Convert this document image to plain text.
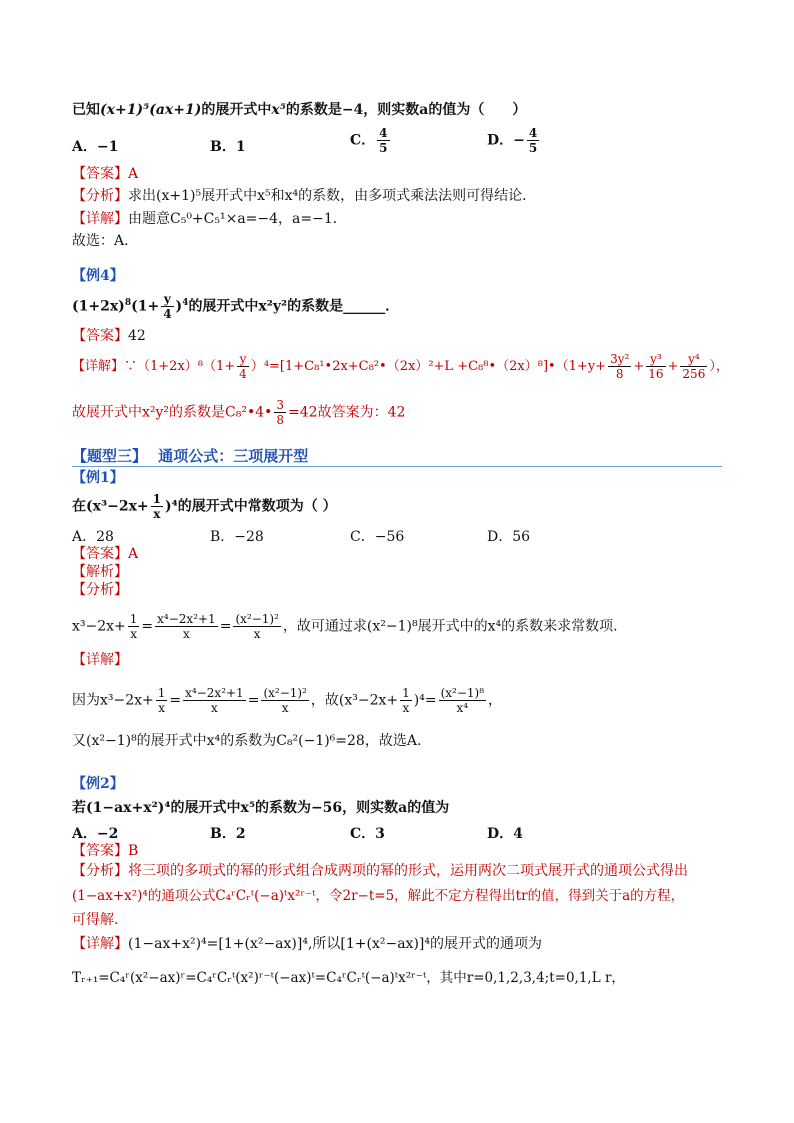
已知(x+1)⁵(ax+1)的展开式中x⁵的系数是−4，则实数a的值为（　　）
A．−1	B．1	C． $\frac{4}{5}$	D．− $\frac{4}{5}$
【答案】A
【分析】求出(x+1)⁵展开式中x⁵和x⁴的系数，由多项式乘法法则可得结论．
【详解】由题意C₅⁰+C₅¹×a=−4，a=−1．
故选：A．
【例4】
$(1+2x)^8(1+ \frac{y}{4} )^4$的展开式中x²y²的系数是______．
【答案】42
【详解】∵（1+2x）⁸（1+ $\frac{y}{4}$ ）⁴=[1+C₈¹•2x+C₈²•（2x）²+L +C₈⁸•（2x）⁸]•（1+y+ $\frac{\text{3y²}}{8} + \frac{\text{y³}}{16} + \frac{\text{y⁴}}{256}$ ），
故展开式中x²y²的系数是C₈²•4• $\frac{3}{8} =42$故答案为：42
【题型三】 通项公式：三项展开型
【例1】
在$(x^3-2x+ \frac{1}{x} )^4$的展开式中常数项为（ ）
A．28	B．−28	C．−56	D．56
【答案】A
【解析】
【分析】
$x^3-2x+ \frac{1}{x} = \frac{\text{x⁴−2x²+1}}{x} = \frac{\text{(x²−1)²}}{x}$ ，故可通过求(x²−1)⁸展开式中的x⁴的系数来求常数项.
【详解】
因为$x^3-2x+ \frac{1}{x} = \frac{\text{x⁴−2x²+1}}{x} = \frac{\text{(x²−1)²}}{x}$ ，故$(x^3-2x+ \frac{1}{x} )^4= \frac{\text{(x²−1)⁸}}{\text{x⁴}}$ ，
又(x²−1)⁸的展开式中x⁴的系数为C₈²(−1)⁶=28，故选A.
【例2】
若(1−ax+x²)⁴的展开式中x⁵的系数为−56，则实数a的值为
A．−2	B．2	C．3	D．4
【答案】B
【分析】将三项的多项式的幂的形式组合成两项的幂的形式，运用两次二项式展开式的通项公式得出
(1−ax+x²)⁴的通项公式C₄ʳCᵣᵗ(−a)ᵗx²ʳ⁻ᵗ，令2r−t=5，解此不定方程得出tr的值，得到关于a的方程，
可得解.
【详解】(1−ax+x²)⁴=[1+(x²−ax)]⁴,所以[1+(x²−ax)]⁴的展开式的通项为
Tᵣ₊₁=C₄ʳ(x²−ax)ʳ=C₄ʳCᵣᵗ(x²)ʳ⁻ᵗ(−ax)ᵗ=C₄ʳCᵣᵗ(−a)ᵗx²ʳ⁻ᵗ，其中r=0,1,2,3,4;t=0,1,L r，
